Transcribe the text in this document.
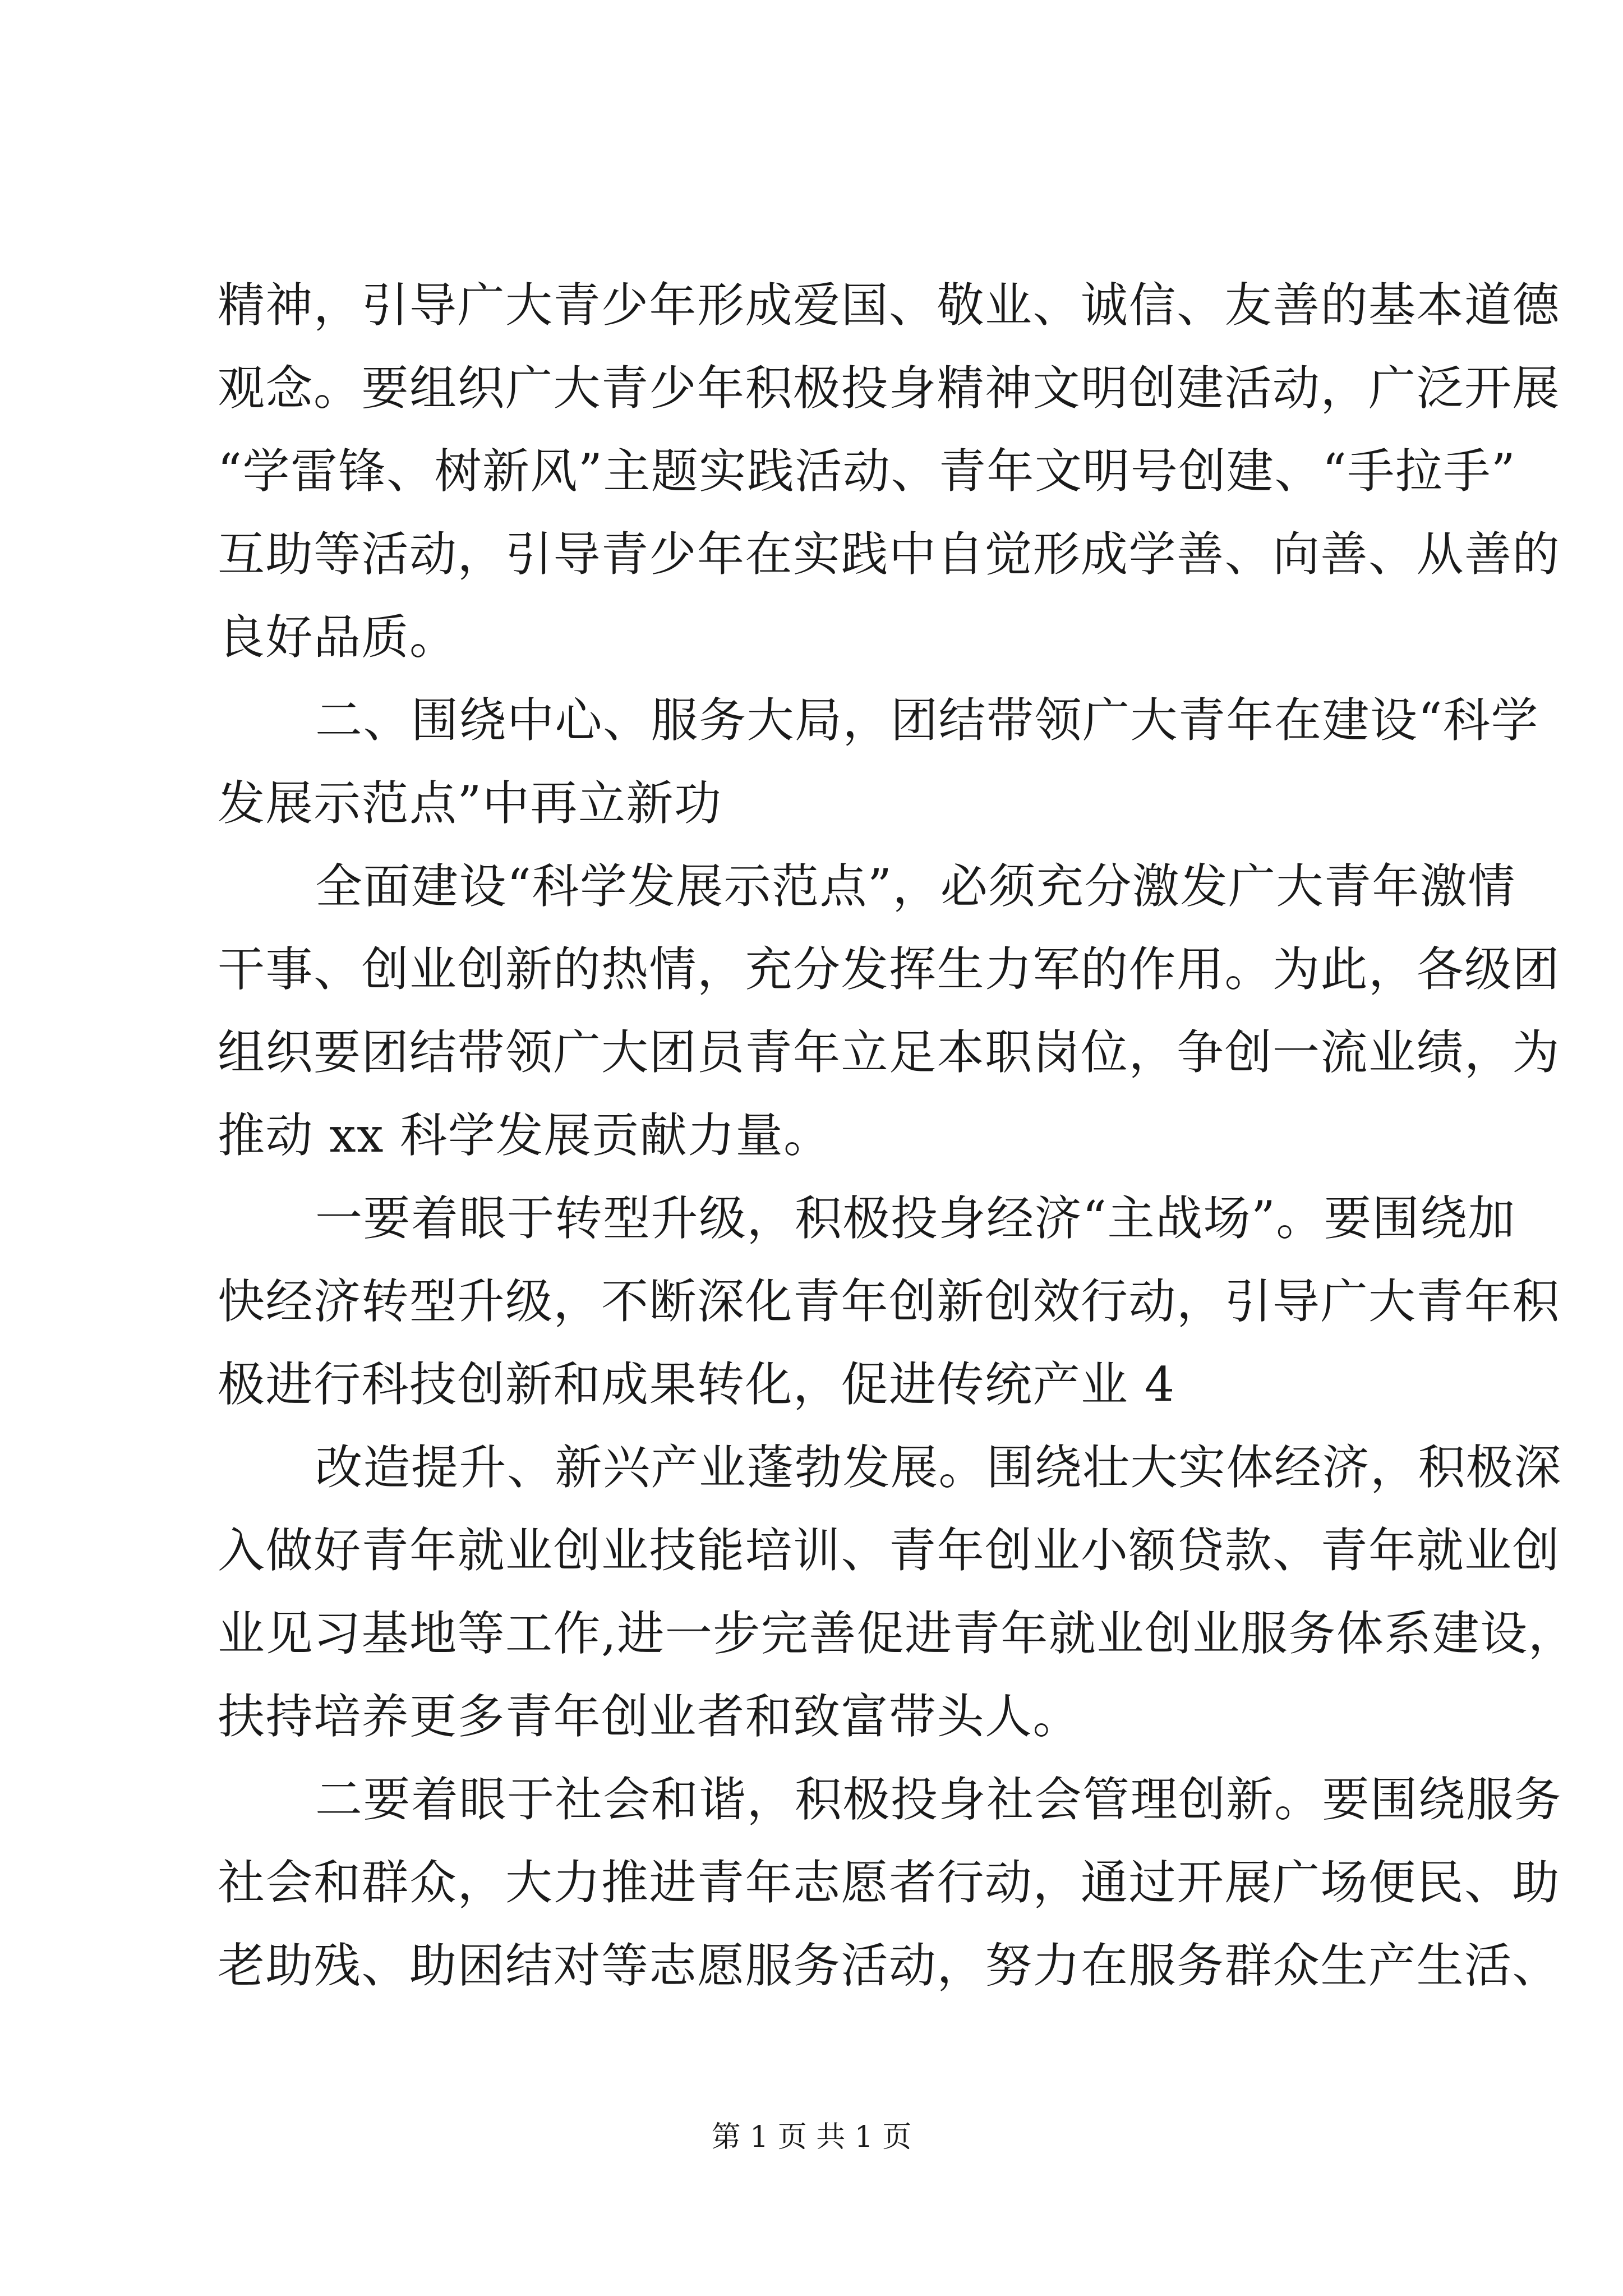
精神，引导广大青少年形成爱国、敬业、诚信、友善的基本道德
观念。要组织广大青少年积极投身精神文明创建活动，广泛开展
“学雷锋、树新风”主题实践活动、青年文明号创建、“手拉手”
互助等活动，引导青少年在实践中自觉形成学善、向善、从善的
良好品质。
二、围绕中心、服务大局，团结带领广大青年在建设“科学
发展示范点”中再立新功
全面建设“科学发展示范点”，必须充分激发广大青年激情
干事、创业创新的热情，充分发挥生力军的作用。为此，各级团
组织要团结带领广大团员青年立足本职岗位，争创一流业绩，为
推动 xx 科学发展贡献力量。
一要着眼于转型升级，积极投身经济“主战场”。要围绕加
快经济转型升级，不断深化青年创新创效行动，引导广大青年积
极进行科技创新和成果转化，促进传统产业 4
改造提升、新兴产业蓬勃发展。围绕壮大实体经济，积极深
入做好青年就业创业技能培训、青年创业小额贷款、青年就业创
业见习基地等工作,进一步完善促进青年就业创业服务体系建设，
扶持培养更多青年创业者和致富带头人。
二要着眼于社会和谐，积极投身社会管理创新。要围绕服务
社会和群众，大力推进青年志愿者行动，通过开展广场便民、助
老助残、助困结对等志愿服务活动，努力在服务群众生产生活、
第 1 页 共 1 页
